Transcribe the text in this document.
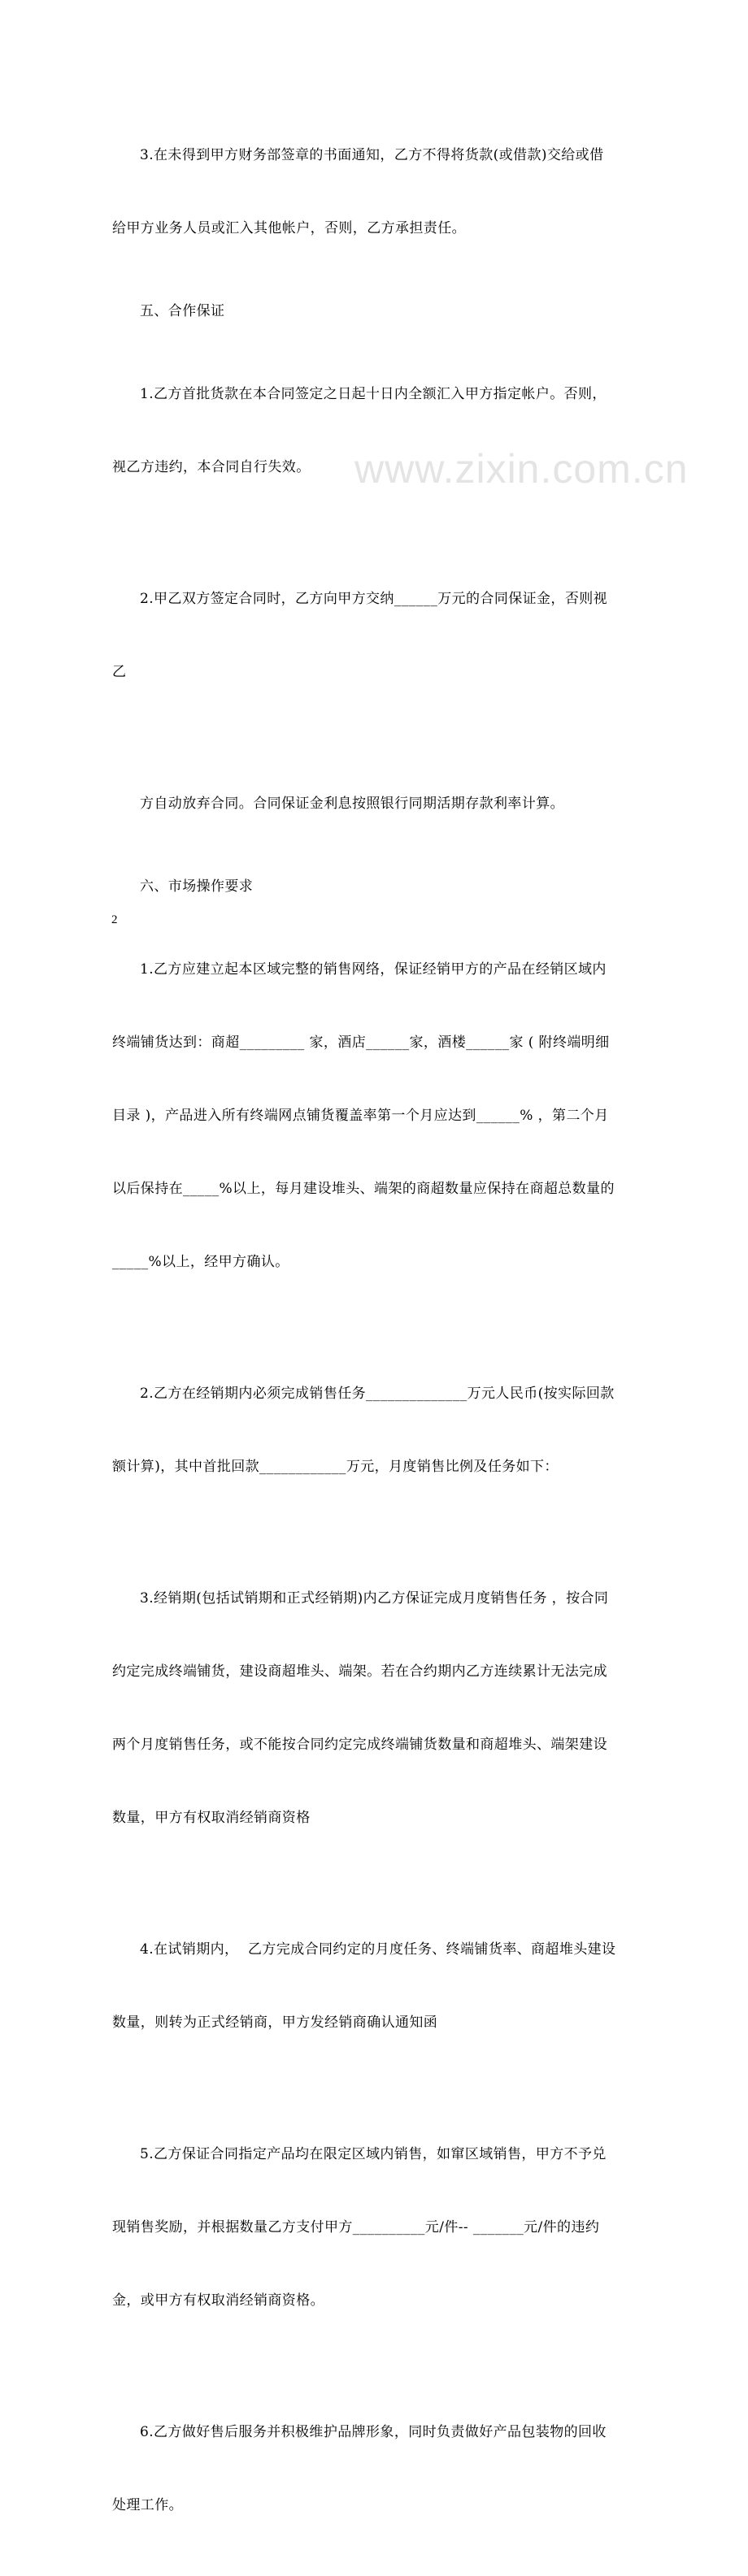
3.在未得到甲方财务部签章的书面通知，乙方不得将货款(或借款)交给或借

给甲方业务人员或汇入其他帐户，否则，乙方承担责任。

五、合作保证

1.乙方首批货款在本合同签定之日起十日内全额汇入甲方指定帐户。否则，

视乙方违约，本合同自行失效。

2.甲乙双方签定合同时，乙方向甲方交纳______万元的合同保证金，否则视

乙

方自动放弃合同。合同保证金利息按照银行同期活期存款利率计算。

六、市场操作要求

1.乙方应建立起本区域完整的销售网络，保证经销甲方的产品在经销区域内

终端铺货达到：商超_________ 家，酒店______家，酒楼______家 ( 附终端明细

目录 )，产品进入所有终端网点铺货覆盖率第一个月应达到______% ，第二个月

以后保持在_____%以上，每月建设堆头、端架的商超数量应保持在商超总数量的

_____%以上，经甲方确认。

2.乙方在经销期内必须完成销售任务______________万元人民币(按实际回款

额计算)，其中首批回款____________万元，月度销售比例及任务如下：

3.经销期(包括试销期和正式经销期)内乙方保证完成月度销售任务 ，按合同

约定完成终端铺货，建设商超堆头、端架。若在合约期内乙方连续累计无法完成

两个月度销售任务，或不能按合同约定完成终端铺货数量和商超堆头、端架建设

数量，甲方有权取消经销商资格

4.在试销期内，  乙方完成合同约定的月度任务、终端铺货率、商超堆头建设

数量，则转为正式经销商，甲方发经销商确认通知函

5.乙方保证合同指定产品均在限定区域内销售，如窜区域销售，甲方不予兑

现销售奖励，并根据数量乙方支付甲方__________元/件-- _______元/件的违约

金，或甲方有权取消经销商资格。

6.乙方做好售后服务并积极维护品牌形象，同时负责做好产品包装物的回收

处理工作。

www.zixin.com.cn
2
